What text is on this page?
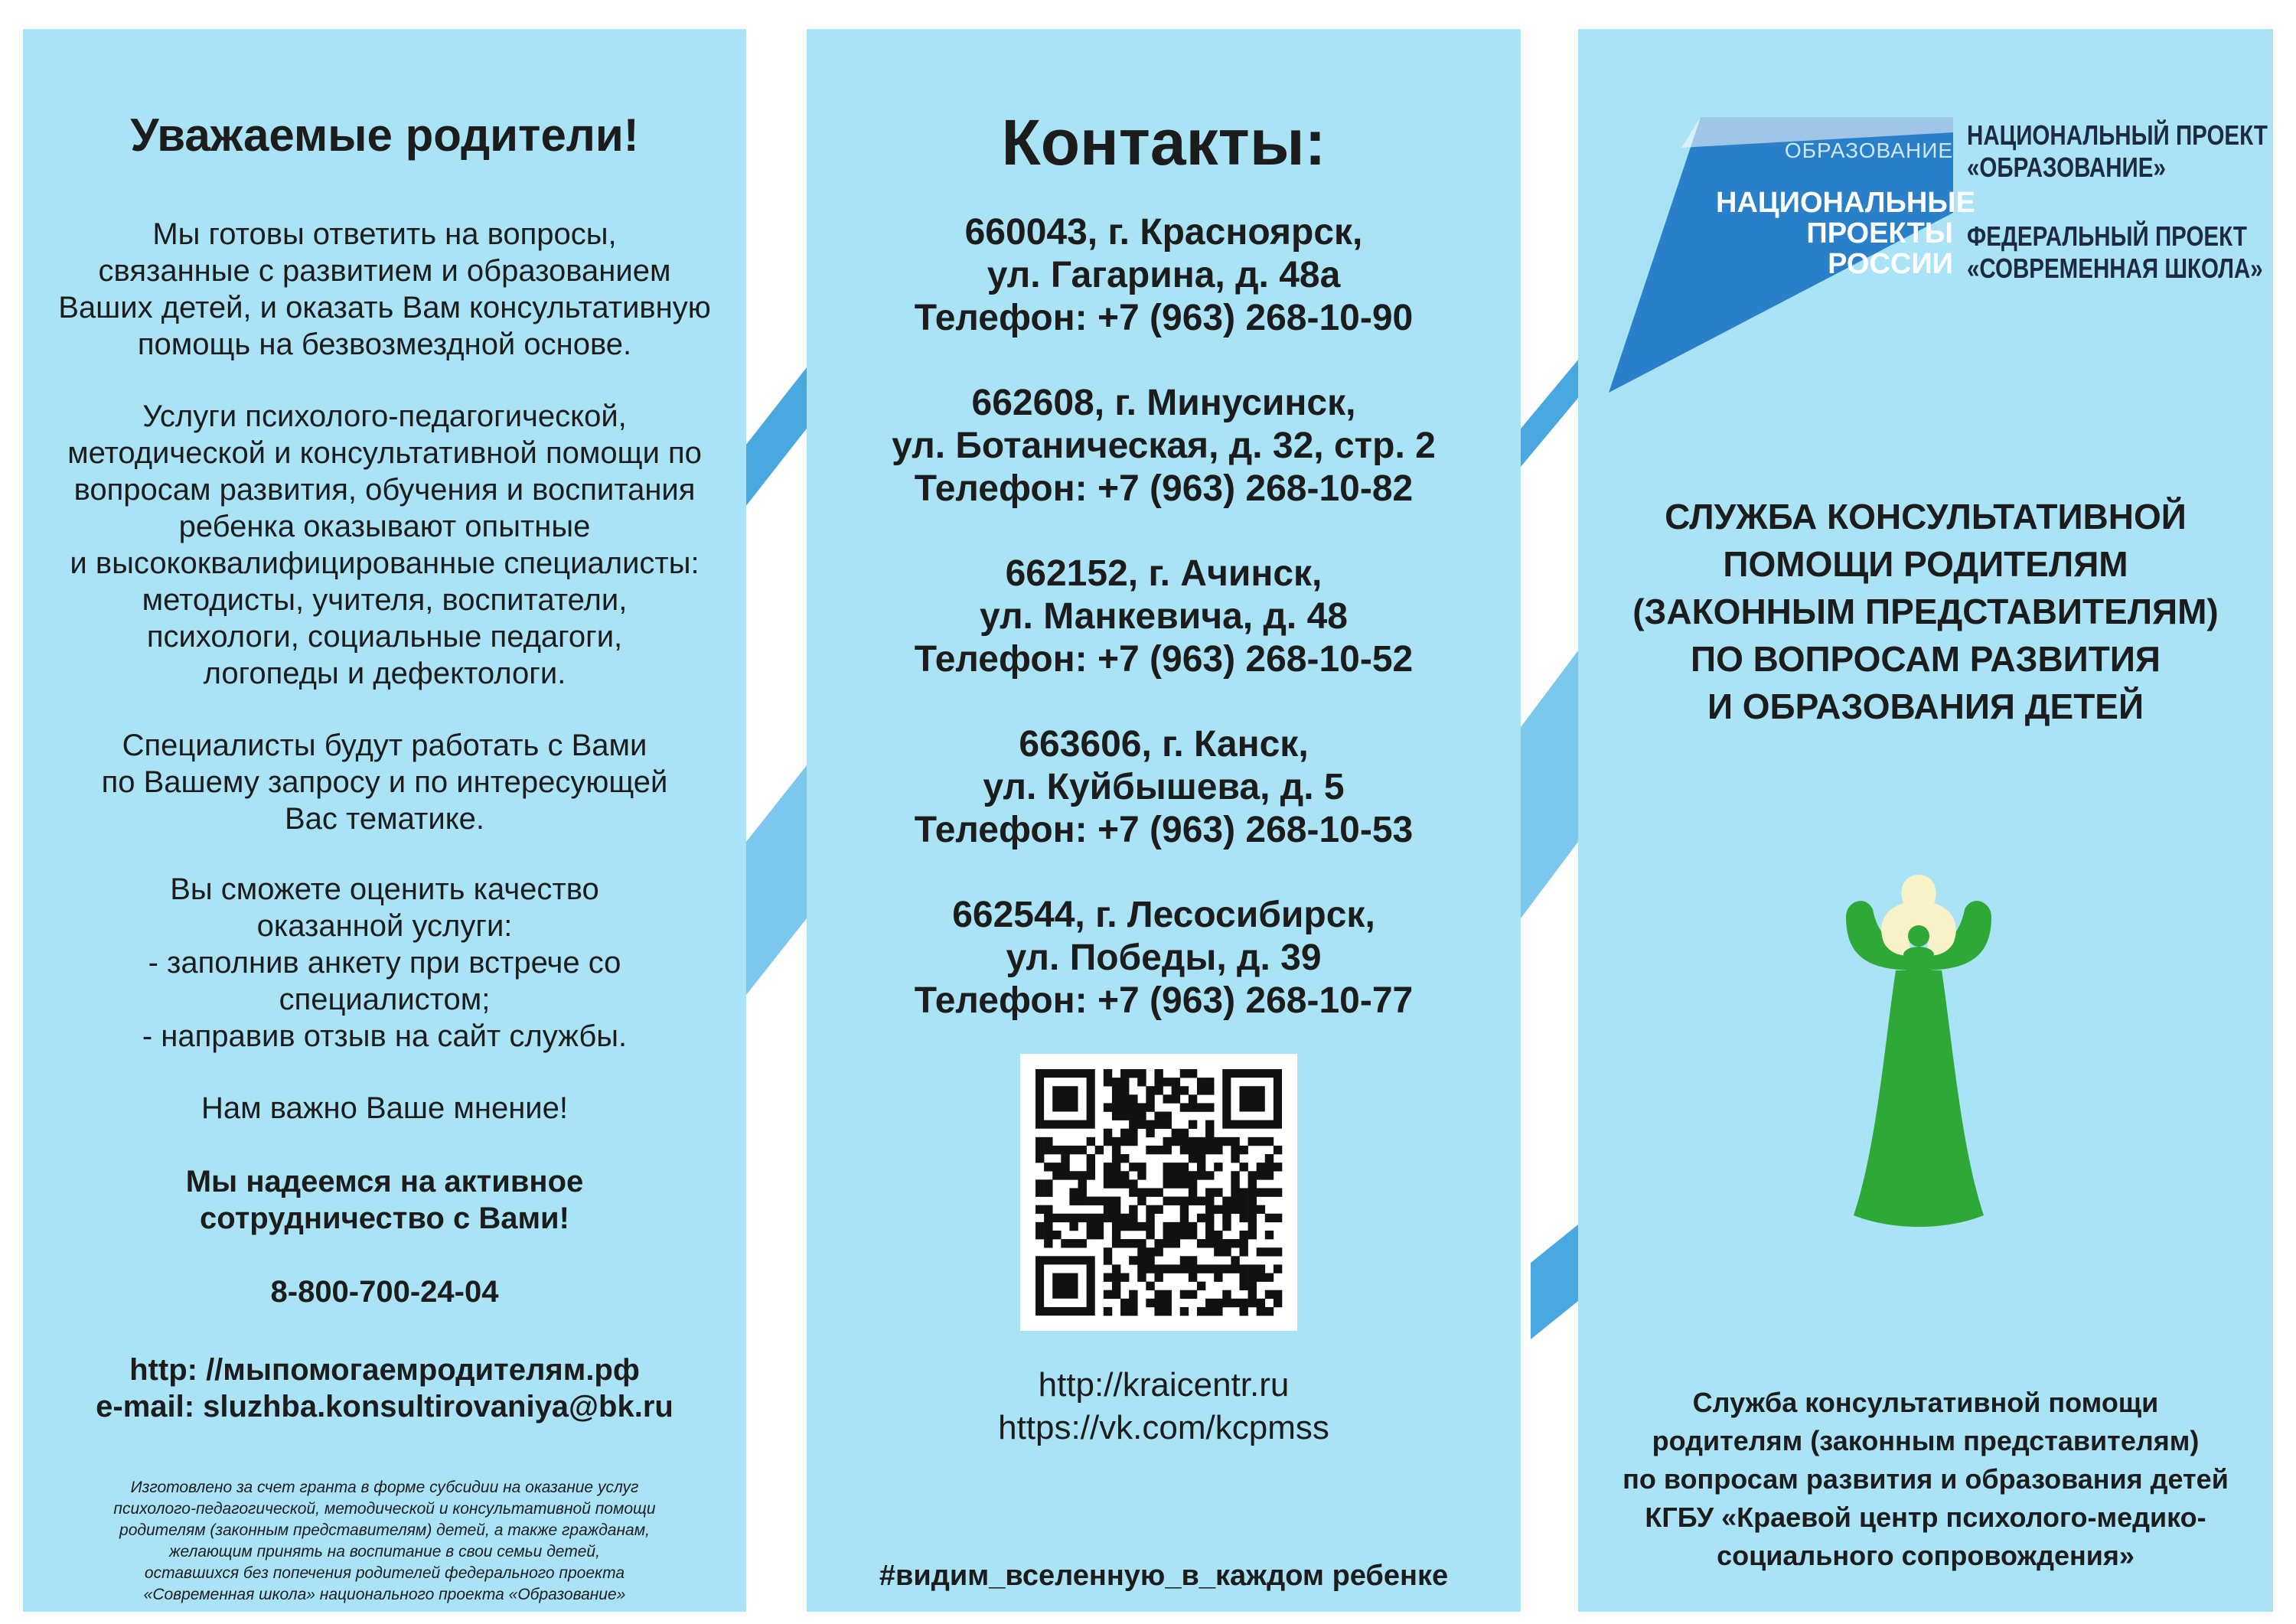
Уважаемые родители!
Мы готовы ответить на вопросы,
связанные с развитием и образованием
Ваших детей, и оказать Вам консультативную
помощь на безвозмездной основе.
Услуги психолого-педагогической,
методической и консультативной помощи по
вопросам развития, обучения и воспитания
ребенка оказывают опытные
и высококвалифицированные специалисты:
методисты, учителя, воспитатели,
психологи, социальные педагоги,
логопеды и дефектологи.
Специалисты будут работать с Вами
по Вашему запросу и по интересующей
Вас тематике.
Вы сможете оценить качество
оказанной услуги:
- заполнив анкету при встрече со
специалистом;
- направив отзыв на сайт службы.
Нам важно Ваше мнение!
Мы надеемся на активное
сотрудничество с Вами!
8-800-700-24-04
http: //мыпомогаемродителям.рф
e-mail: sluzhba.konsultirovaniya@bk.ru
Изготовлено за счет гранта в форме субсидии на оказание услуг
психолого-педагогической, методической и консультативной помощи
родителям (законным представителям) детей, а также гражданам,
желающим принять на воспитание в свои семьи детей,
оставшихся без попечения родителей федерального проекта
«Современная школа» национального проекта «Образование»
Контакты:
660043, г. Красноярск,
ул. Гагарина, д. 48а
Телефон: +7 (963) 268-10-90
662608, г. Минусинск,
ул. Ботаническая, д. 32, стр. 2
Телефон: +7 (963) 268-10-82
662152, г. Ачинск,
ул. Манкевича, д. 48
Телефон: +7 (963) 268-10-52
663606, г. Канск,
ул. Куйбышева, д. 5
Телефон: +7 (963) 268-10-53
662544, г. Лесосибирск,
ул. Победы, д. 39
Телефон: +7 (963) 268-10-77
http://kraicentr.ru
https://vk.com/kcpmss
#видим_вселенную_в_каждом ребенке
ОБРАЗОВАНИЕ
НАЦИОНАЛЬНЫЕ
ПРОЕКТЫ
РОССИИ
НАЦИОНАЛЬНЫЙ ПРОЕКТ
«ОБРАЗОВАНИЕ»
ФЕДЕРАЛЬНЫЙ ПРОЕКТ
«СОВРЕМЕННАЯ ШКОЛА»
СЛУЖБА КОНСУЛЬТАТИВНОЙ
ПОМОЩИ РОДИТЕЛЯМ
(ЗАКОННЫМ ПРЕДСТАВИТЕЛЯМ)
ПО ВОПРОСАМ РАЗВИТИЯ
И ОБРАЗОВАНИЯ ДЕТЕЙ
Служба консультативной помощи
родителям (законным представителям)
по вопросам развития и образования детей
КГБУ «Краевой центр психолого-медико-
социального сопровождения»
